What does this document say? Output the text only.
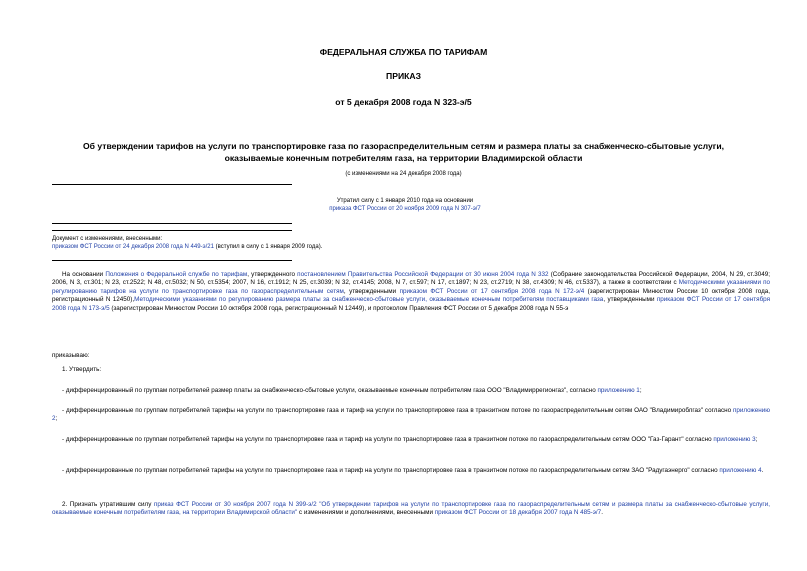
ФЕДЕРАЛЬНАЯ СЛУЖБА ПО ТАРИФАМ
ПРИКАЗ
от 5 декабря 2008 года N 323-э/5
Об утверждении тарифов на услуги по транспортировке газа по газораспределительным сетям и размера платы за снабженческо-сбытовые услуги, оказываемые конечным потребителям газа, на территории Владимирской области
(с изменениями на 24 декабря 2008 года)
Утратил силу с 1 января 2010 года на основании
приказа ФСТ России от 20 ноября 2009 года N 307-э/7
Документ с изменениями, внесенными:
приказом ФСТ России от 24 декабря 2008 года N 449-э/21 (вступил в силу с 1 января 2009 года).
На основании Положения о Федеральной службе по тарифам, утвержденного постановлением Правительства Российской Федерации от 30 июня 2004 года N 332 (Собрание законодательства Российской Федерации, 2004, N 29, ст.3049; 2006, N 3, ст.301; N 23, ст.2522; N 48, ст.5032; N 50, ст.5354; 2007, N 16, ст.1912; N 25, ст.3039; N 32, ст.4145; 2008, N 7, ст.597; N 17, ст.1897; N 23, ст.2719; N 38, ст.4309; N 46, ст.5337), а также в соответствии с Методическими указаниями по регулированию тарифов на услуги по транспортировке газа по газораспределительным сетям, утвержденными приказом ФСТ России от 17 сентября 2008 года N 172-э/4 (зарегистрирован Минюстом России 10 октября 2008 года, регистрационный N 12450),Методическими указаниями по регулированию размера платы за снабженческо-сбытовые услуги, оказываемые конечным потребителям поставщиками газа, утвержденными приказом ФСТ России от 17 сентября 2008 года N 173-э/5 (зарегистрирован Минюстом России 10 октября 2008 года, регистрационный N 12449), и протоколом Правления ФСТ России от 5 декабря 2008 года N 55-э
приказываю:
1. Утвердить:
- дифференцированный по группам потребителей размер платы за снабженческо-сбытовые услуги, оказываемые конечным потребителям газа ООО "Владимиррегионгаз", согласно приложению 1;
- дифференцированные по группам потребителей тарифы на услуги по транспортировке газа и тариф на услуги по транспортировке газа в транзитном потоке по газораспределительным сетям ОАО "Владимироблгаз" согласно приложению 2;
- дифференцированные по группам потребителей тарифы на услуги по транспортировке газа и тариф на услуги по транспортировке газа в транзитном потоке по газораспределительным сетям ООО "Газ-Гарант" согласно приложению 3;
- дифференцированные по группам потребителей тарифы на услуги по транспортировке газа и тариф на услуги по транспортировке газа в транзитном потоке по газораспределительным сетям ЗАО "Радугаэнерго" согласно приложению 4.
2. Признать утратившим силу приказ ФСТ России от 30 ноября 2007 года N 399-э/2 "Об утверждении тарифов на услуги по транспортировке газа по газораспределительным сетям и размера платы за снабженческо-сбытовые услуги, оказываемые конечным потребителям газа, на территории Владимирской области" с изменениями и дополнениями, внесенными приказом ФСТ России от 18 декабря 2007 года N 485-э/7.
